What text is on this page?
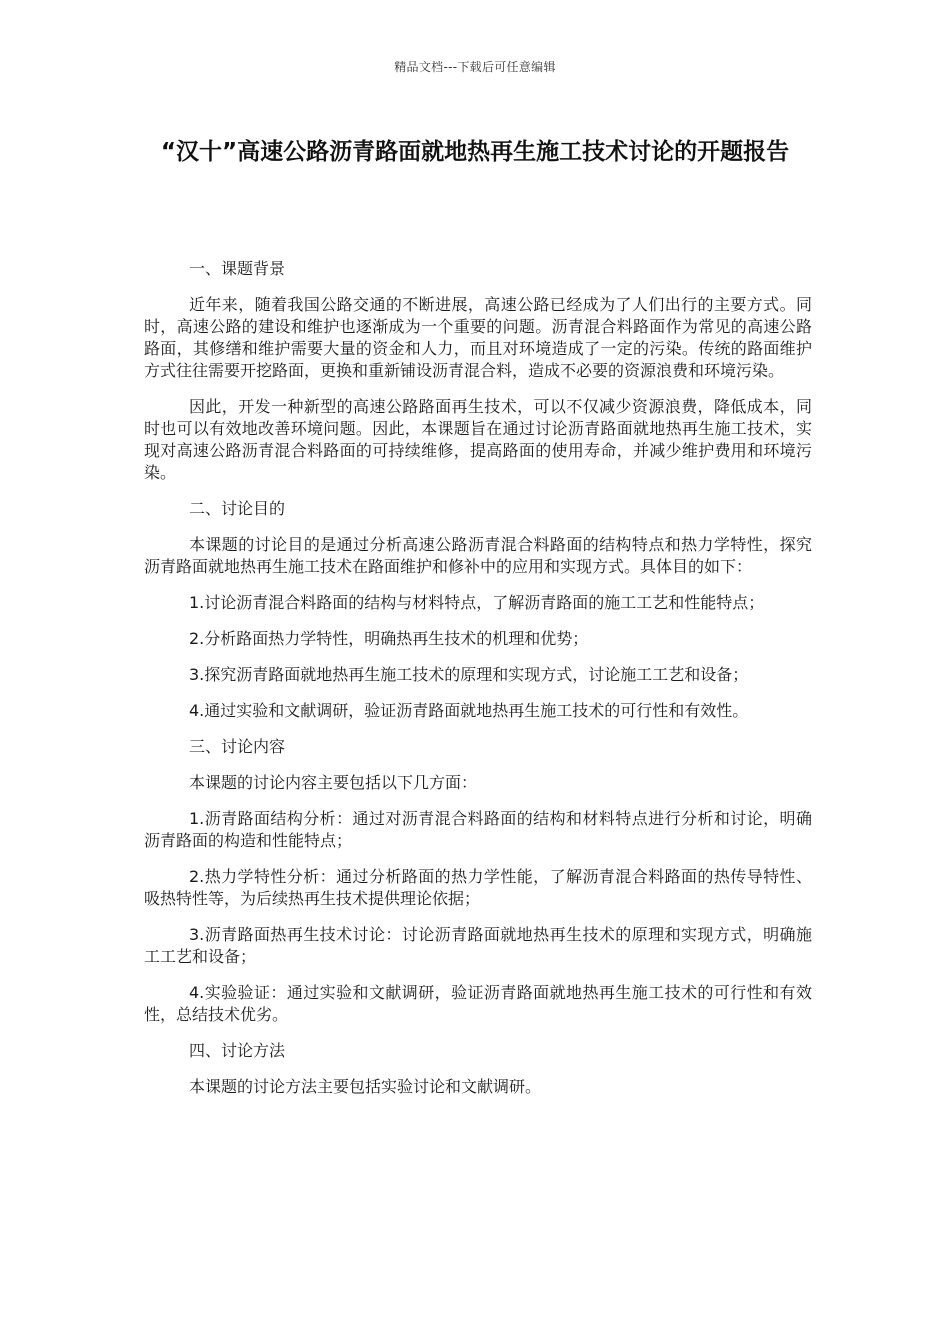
精品文档---下载后可任意编辑
“汉十”高速公路沥青路面就地热再生施工技术讨论的开题报告

一、课题背景

近年来，随着我国公路交通的不断进展，高速公路已经成为了人们出行的主要方式。同时，高速公路的建设和维护也逐渐成为一个重要的问题。沥青混合料路面作为常见的高速公路路面，其修缮和维护需要大量的资金和人力，而且对环境造成了一定的污染。传统的路面维护方式往往需要开挖路面，更换和重新铺设沥青混合料，造成不必要的资源浪费和环境污染。

因此，开发一种新型的高速公路路面再生技术，可以不仅减少资源浪费，降低成本，同时也可以有效地改善环境问题。因此，本课题旨在通过讨论沥青路面就地热再生施工技术，实现对高速公路沥青混合料路面的可持续维修，提高路面的使用寿命，并减少维护费用和环境污染。

二、讨论目的

本课题的讨论目的是通过分析高速公路沥青混合料路面的结构特点和热力学特性，探究沥青路面就地热再生施工技术在路面维护和修补中的应用和实现方式。具体目的如下：

1.讨论沥青混合料路面的结构与材料特点，了解沥青路面的施工工艺和性能特点；

2.分析路面热力学特性，明确热再生技术的机理和优势；

3.探究沥青路面就地热再生施工技术的原理和实现方式，讨论施工工艺和设备；

4.通过实验和文献调研，验证沥青路面就地热再生施工技术的可行性和有效性。

三、讨论内容

本课题的讨论内容主要包括以下几方面：

1.沥青路面结构分析：通过对沥青混合料路面的结构和材料特点进行分析和讨论，明确沥青路面的构造和性能特点；

2.热力学特性分析：通过分析路面的热力学性能，了解沥青混合料路面的热传导特性、吸热特性等，为后续热再生技术提供理论依据；

3.沥青路面热再生技术讨论：讨论沥青路面就地热再生技术的原理和实现方式，明确施工工艺和设备；

4.实验验证：通过实验和文献调研，验证沥青路面就地热再生施工技术的可行性和有效性，总结技术优劣。

四、讨论方法

本课题的讨论方法主要包括实验讨论和文献调研。
